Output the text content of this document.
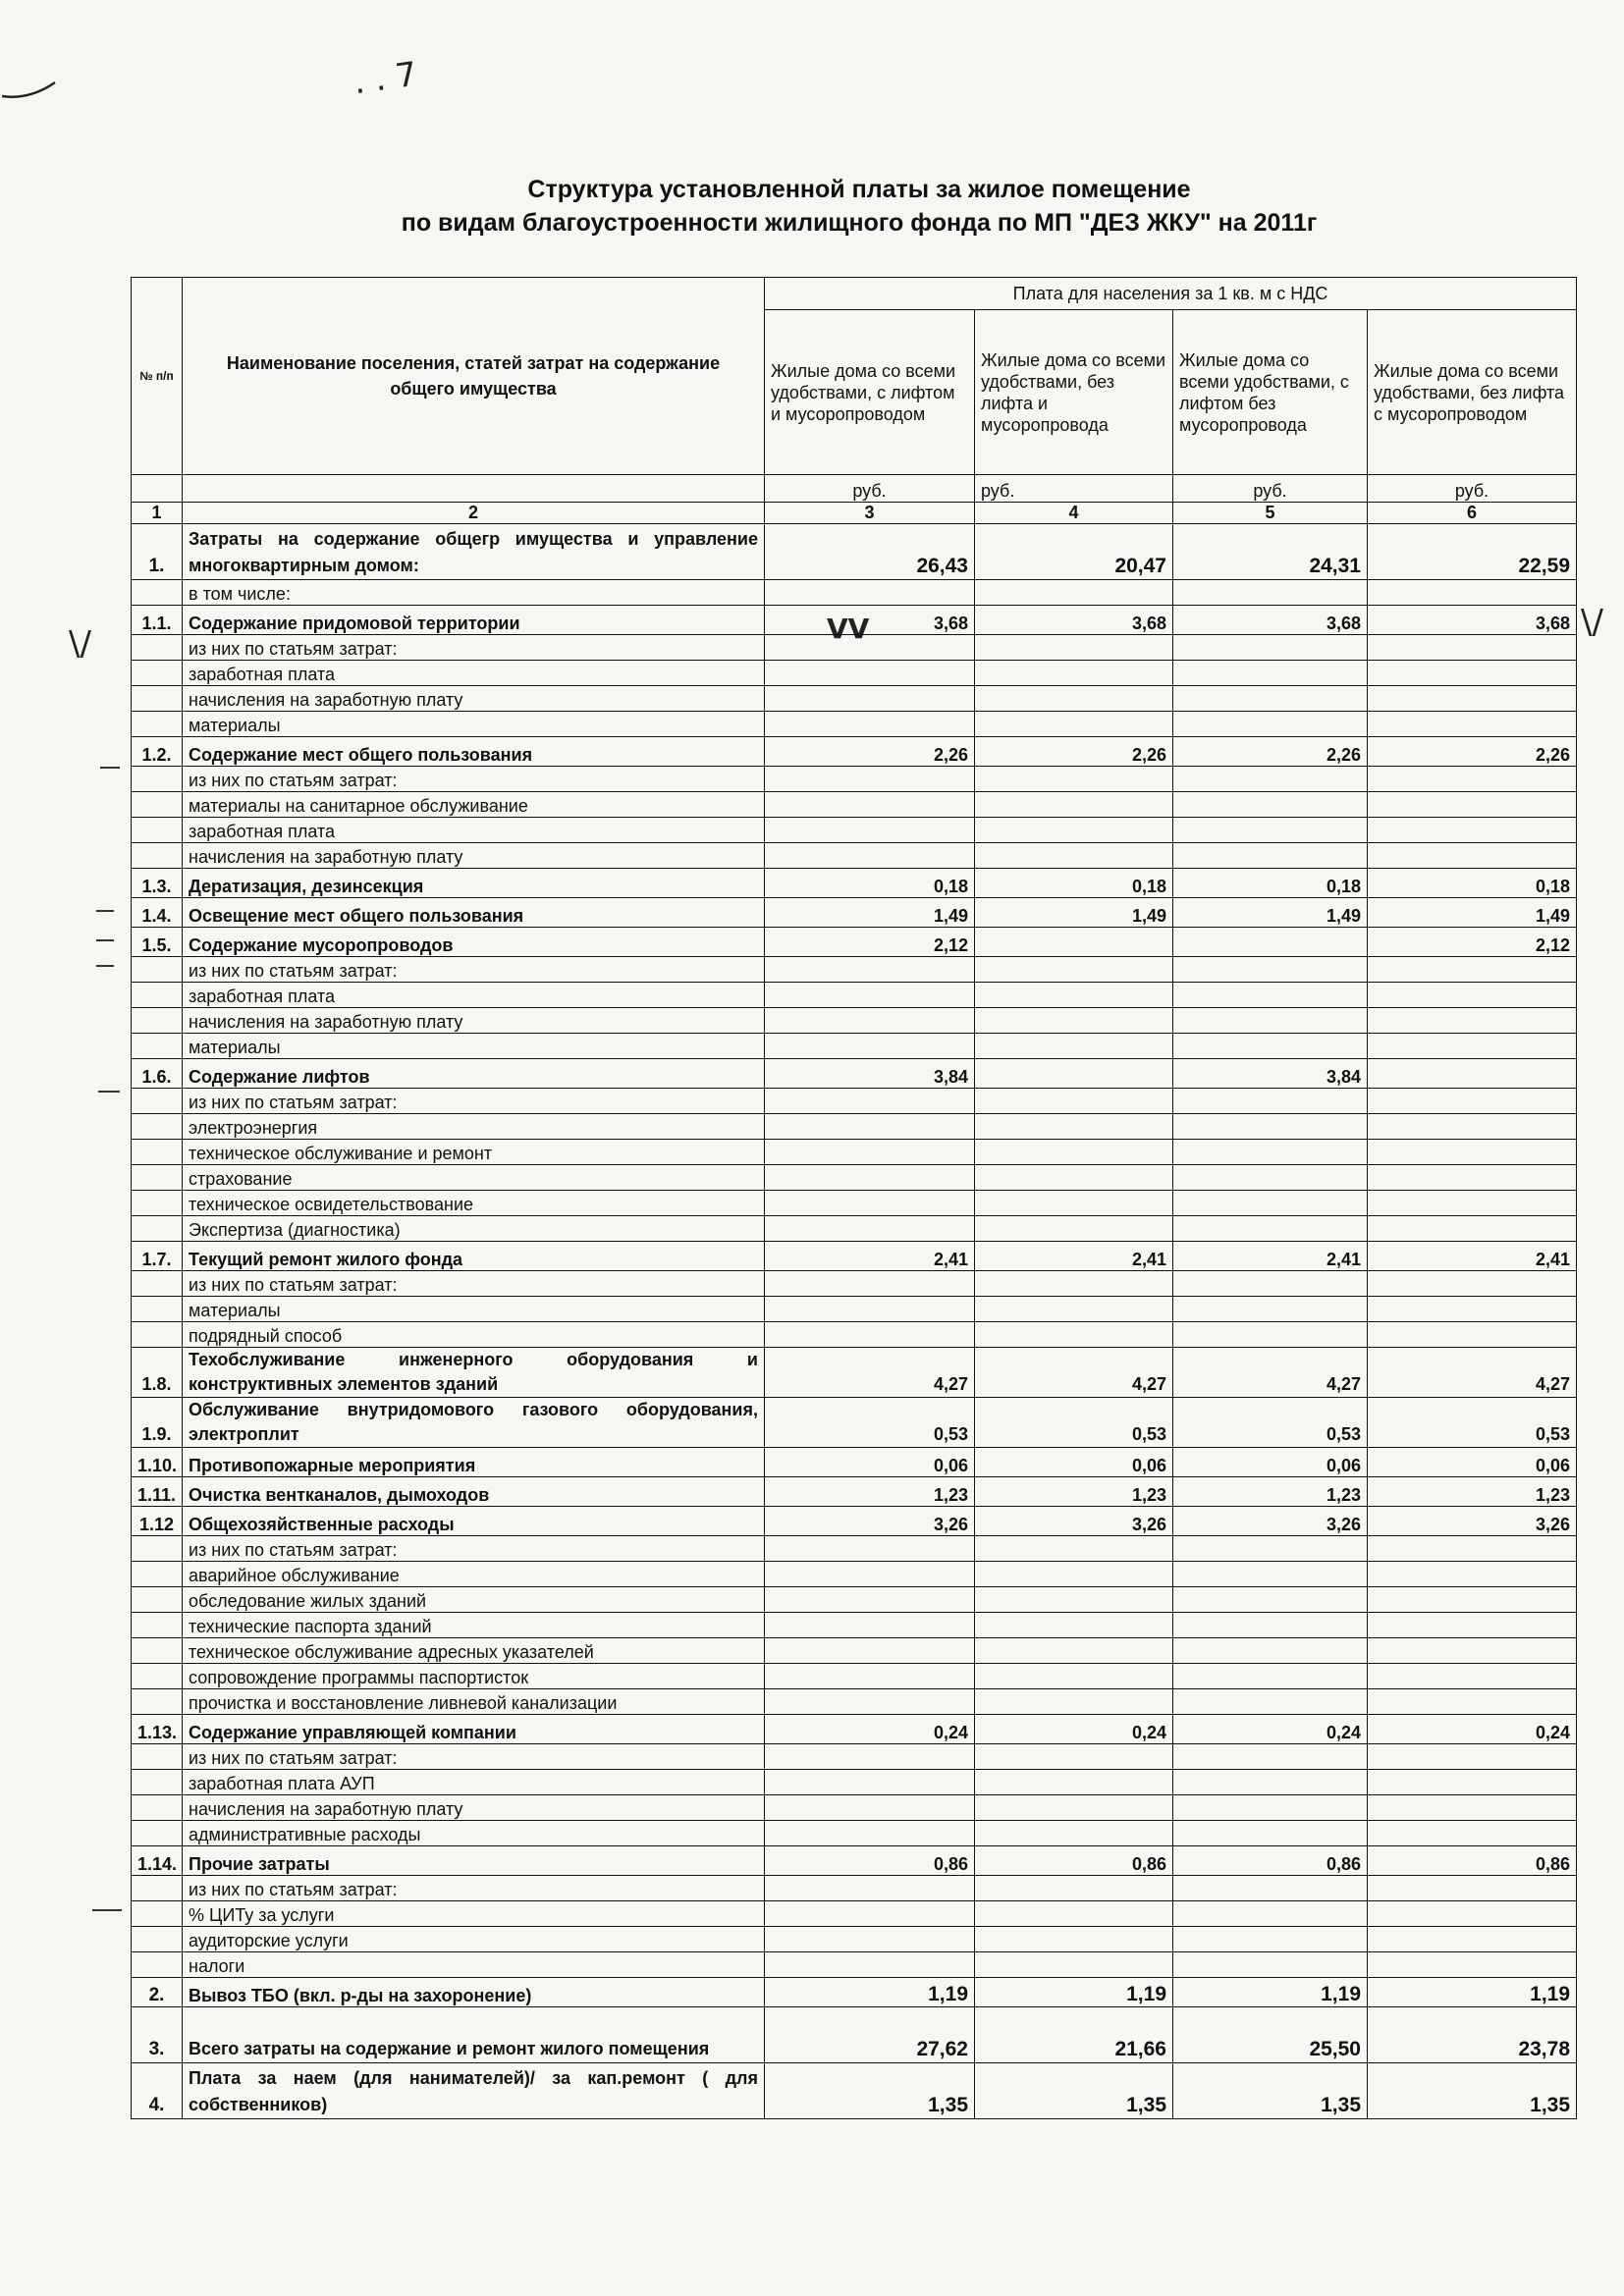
. . 7
\/
\/
VV
Структура установленной платы за жилое помещение
по видам благоустроенности жилищного фонда по МП "ДЕЗ ЖКУ" на 2011г
№ п/п	Наименование поселения, статей затрат на содержание общего имущества	Плата для населения за 1 кв. м с НДС			
		Жилые дома со всеми удобствами, с лифтом и мусоропроводом	Жилые дома со всеми удобствами, без лифта и мусоропровода	Жилые дома со всеми удобствами, с лифтом без мусоропровода	Жилые дома со всеми удобствами, без лифта с мусоропроводом
		руб.	руб.	руб.	руб.
1	2	3	4	5	6
1.	Затраты на содержание общегр имущества и управление многоквартирным домом:	26,43	20,47	24,31	22,59
	в том числе:				
1.1.	Содержание придомовой территории	3,68	3,68	3,68	3,68
	из них по статьям затрат:				
	заработная плата				
	начисления на заработную плату				
	материалы				
1.2.	Содержание мест общего пользования	2,26	2,26	2,26	2,26
	из них по статьям затрат:				
	материалы на санитарное обслуживание				
	заработная плата				
	начисления на заработную плату				
1.3.	Дератизация, дезинсекция	0,18	0,18	0,18	0,18
1.4.	Освещение мест общего пользования	1,49	1,49	1,49	1,49
1.5.	Содержание мусоропроводов	2,12			2,12
	из них по статьям затрат:				
	заработная плата				
	начисления на заработную плату				
	материалы				
1.6.	Содержание лифтов	3,84		3,84	
	из них по статьям затрат:				
	электроэнергия				
	техническое обслуживание и ремонт				
	страхование				
	техническое освидетельствование				
	Экспертиза (диагностика)				
1.7.	Текущий ремонт жилого фонда	2,41	2,41	2,41	2,41
	из них по статьям затрат:				
	материалы				
	подрядный способ				
1.8.	Техобслуживание инженерного оборудования и конструктивных элементов зданий	4,27	4,27	4,27	4,27
1.9.	Обслуживание внутридомового газового оборудования, электроплит	0,53	0,53	0,53	0,53
1.10.	Противопожарные мероприятия	0,06	0,06	0,06	0,06
1.11.	Очистка вентканалов, дымоходов	1,23	1,23	1,23	1,23
1.12	Общехозяйственные расходы	3,26	3,26	3,26	3,26
	из них по статьям затрат:				
	аварийное обслуживание				
	обследование жилых зданий				
	технические паспорта зданий				
	техническое обслуживание адресных указателей				
	сопровождение программы паспортисток				
	прочистка и восстановление ливневой канализации				
1.13.	Содержание управляющей компании	0,24	0,24	0,24	0,24
	из них по статьям затрат:				
	заработная плата АУП				
	начисления на заработную плату				
	административные расходы				
1.14.	Прочие затраты	0,86	0,86	0,86	0,86
	из них по статьям затрат:				
	% ЦИТу за услуги				
	аудиторские услуги				
	налоги				
2.	Вывоз ТБО (вкл. р-ды на захоронение)	1,19	1,19	1,19	1,19
3.	Всего затраты на содержание и ремонт жилого помещения	27,62	21,66	25,50	23,78
4.	Плата за наем (для нанимателей)/ за кап.ремонт ( для собственников)	1,35	1,35	1,35	1,35
